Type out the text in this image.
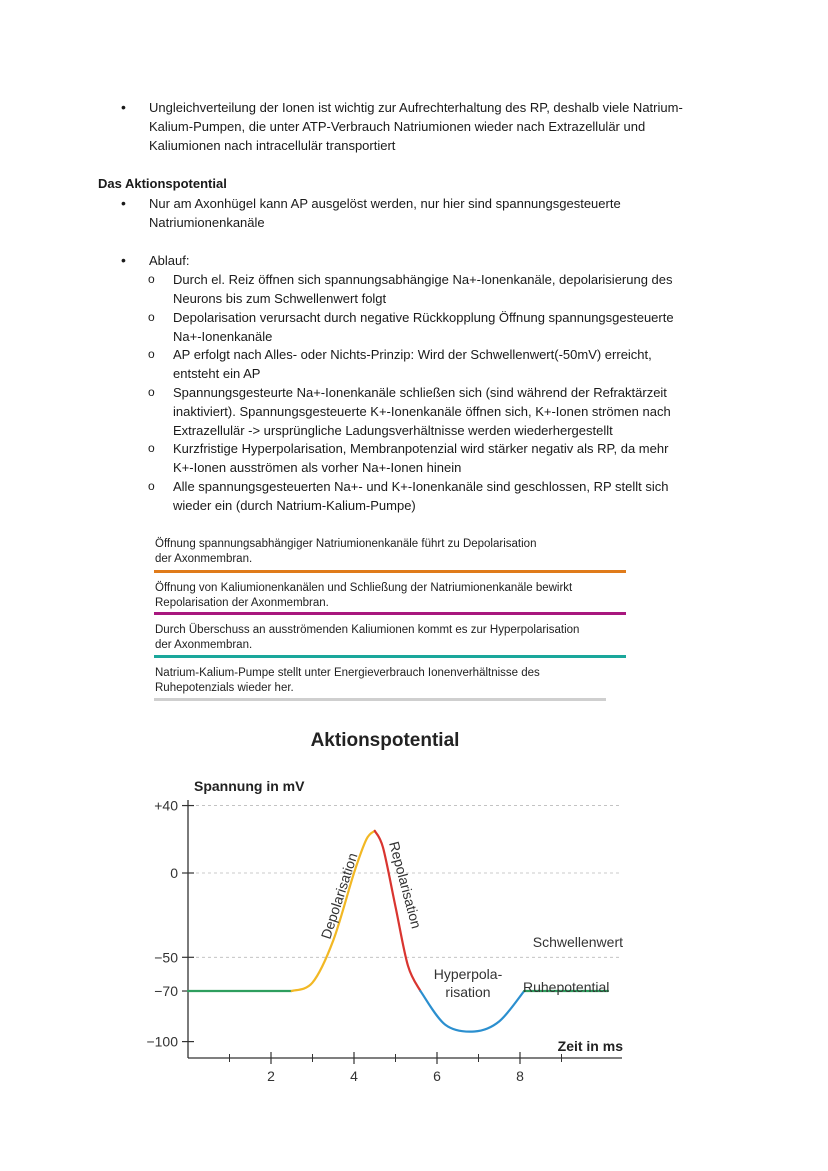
• Ungleichverteilung der Ionen ist wichtig zur Aufrechterhaltung des RP, deshalb viele Natrium-
Kalium-Pumpen, die unter ATP-Verbrauch Natriumionen wieder nach Extrazellulär und
Kaliumionen nach intracellulär transportiert
Das Aktionspotential
• Nur am Axonhügel kann AP ausgelöst werden, nur hier sind spannungsgesteuerte
Natriumionenkanäle
• Ablauf:
o Durch el. Reiz öffnen sich spannungsabhängige Na+-Ionenkanäle, depolarisierung des
Neurons bis zum Schwellenwert folgt
o Depolarisation verursacht durch negative Rückkopplung Öffnung spannungsgesteuerte
Na+-Ionenkanäle
o AP erfolgt nach Alles- oder Nichts-Prinzip: Wird der Schwellenwert(-50mV) erreicht,
entsteht ein AP
o Spannungsgesteurte Na+-Ionenkanäle schließen sich (sind während der Refraktärzeit
inaktiviert). Spannungsgesteuerte K+-Ionenkanäle öffnen sich, K+-Ionen strömen nach
Extrazellulär -> ursprüngliche Ladungsverhältnisse werden wiederhergestellt
o Kurzfristige Hyperpolarisation, Membranpotenzial wird stärker negativ als RP, da mehr
K+-Ionen ausströmen als vorher Na+-Ionen hinein
o Alle spannungsgesteuerten Na+- und K+-Ionenkanäle sind geschlossen, RP stellt sich
wieder ein (durch Natrium-Kalium-Pumpe)
Öffnung spannungsabhängiger Natriumionenkanäle führt zu Depolarisation
der Axonmembran.
Öffnung von Kaliumionenkanälen und Schließung der Natriumionenkanäle bewirkt
Repolarisation der Axonmembran.
Durch Überschuss an ausströmenden Kaliumionen kommt es zur Hyperpolarisation
der Axonmembran.
Natrium-Kalium-Pumpe stellt unter Energieverbrauch Ionenverhältnisse des
Ruhepotenzials wieder her.
Aktionspotential
Spannung in mV
Zeit in ms
+40
0
−50
−70
−100
2	4	6	8
Depolarisation Repolarisation
Hyperpola-
risation
Schwellenwert
Ruhepotential
